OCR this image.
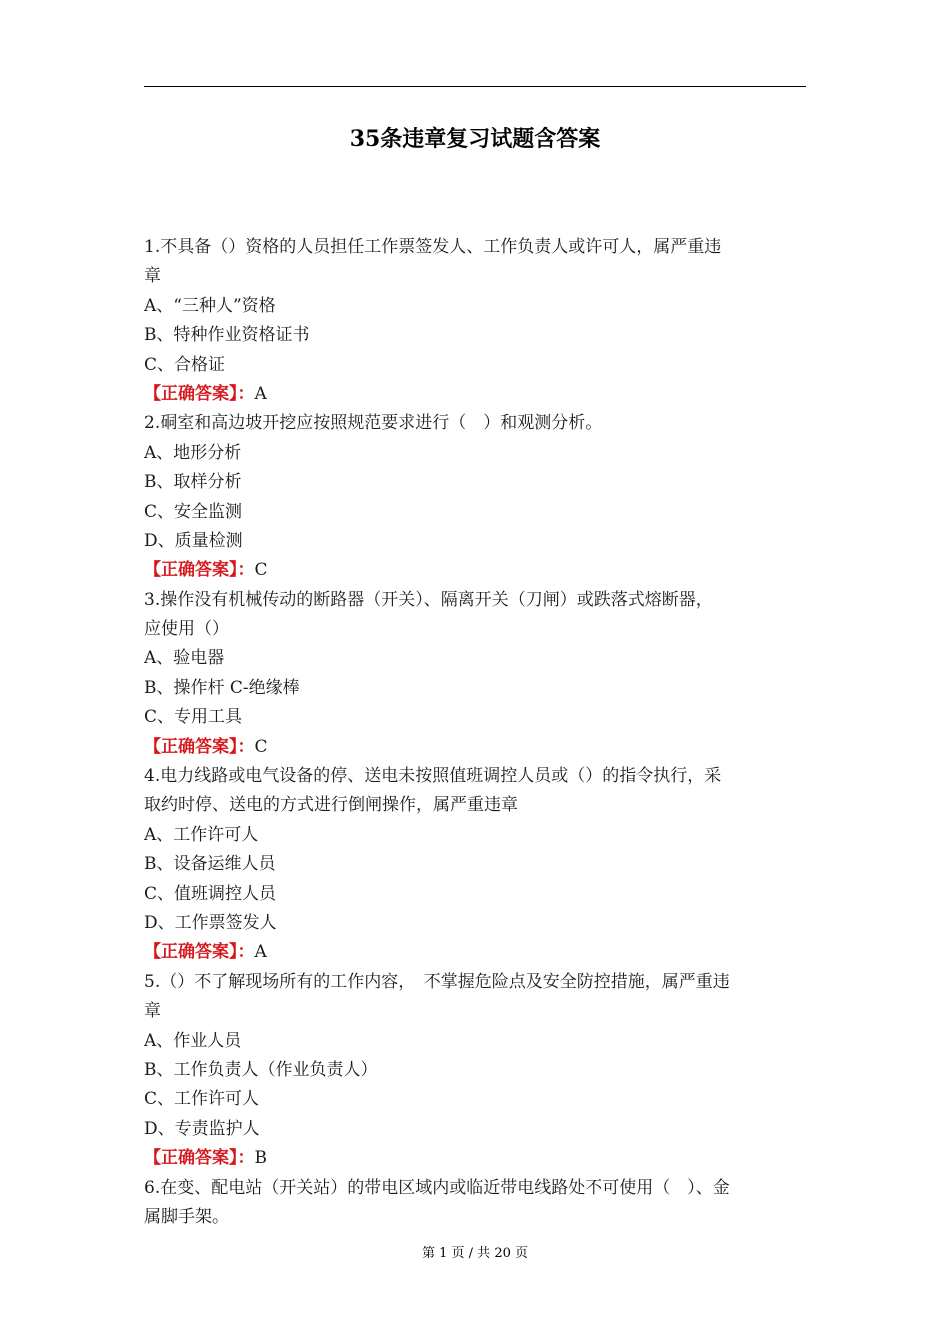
35条违章复习试题含答案
1.不具备（）资格的人员担任工作票签发人、工作负责人或许可人，属严重违
章
A、“三种人”资格
B、特种作业资格证书
C、合格证
【正确答案】：A
2.硐室和高边坡开挖应按照规范要求进行（　）和观测分析。
A、地形分析
B、取样分析
C、安全监测
D、质量检测
【正确答案】：C
3.操作没有机械传动的断路器（开关）、隔离开关（刀闸）或跌落式熔断器，
应使用（）
A、验电器
B、操作杆 C-绝缘棒
C、专用工具
【正确答案】：C
4.电力线路或电气设备的停、送电未按照值班调控人员或（）的指令执行，采
取约时停、送电的方式进行倒闸操作，属严重违章
A、工作许可人
B、设备运维人员
C、值班调控人员
D、工作票签发人
【正确答案】：A
5.（）不了解现场所有的工作内容，　不掌握危险点及安全防控措施，属严重违
章
A、作业人员
B、工作负责人（作业负责人）
C、工作许可人
D、专责监护人
【正确答案】：B
6.在变、配电站（开关站）的带电区域内或临近带电线路处不可使用（　）、金
属脚手架。
第 1 页 / 共 20 页
